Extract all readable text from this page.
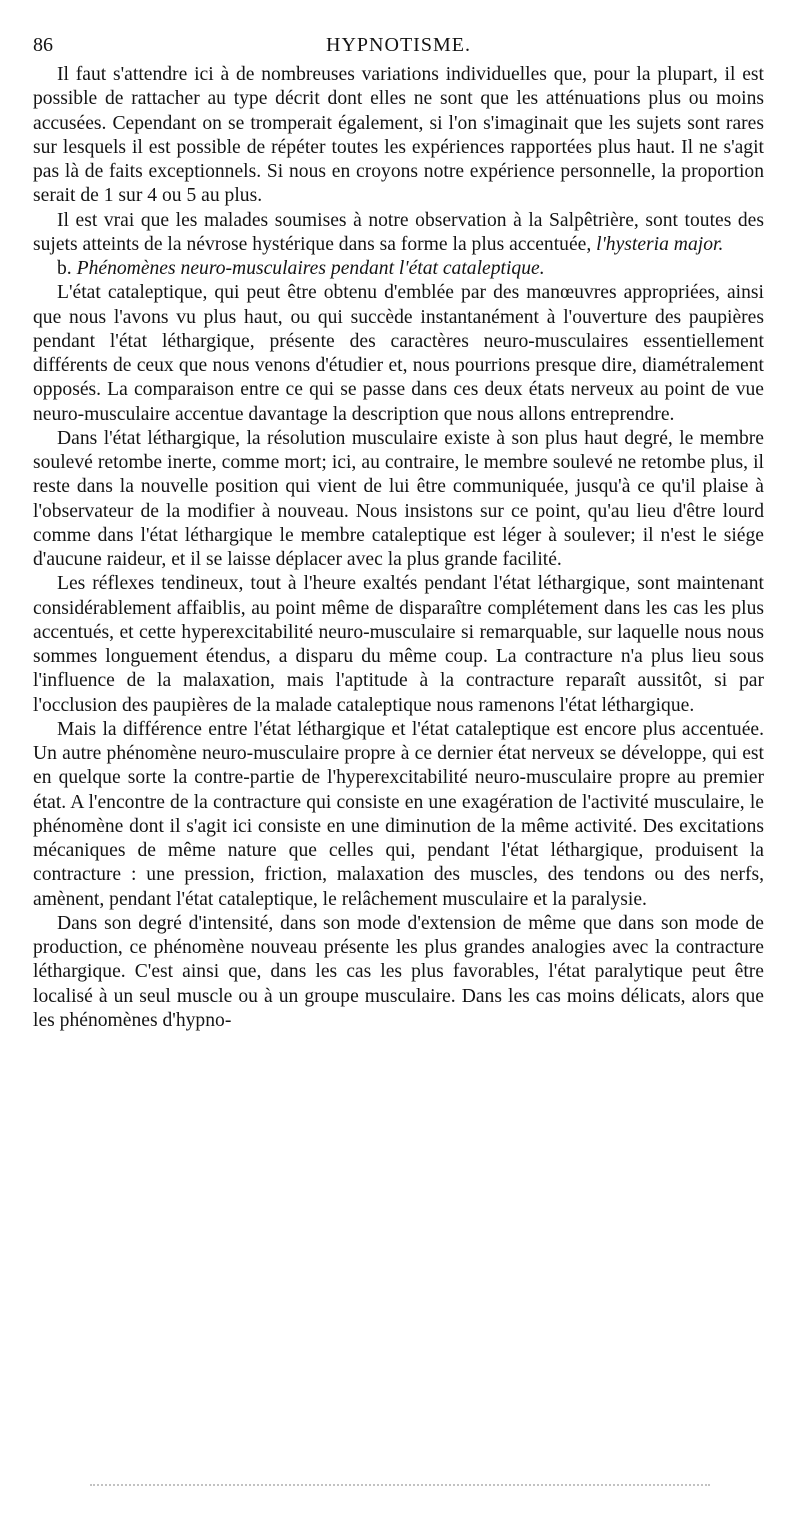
86	HYPNOTISME.

Il faut s'attendre ici à de nombreuses variations individuelles que, pour la plupart, il est possible de rattacher au type décrit dont elles ne sont que les atténuations plus ou moins accusées. Cependant on se tromperait également, si l'on s'imaginait que les sujets sont rares sur lesquels il est possible de répéter toutes les expériences rapportées plus haut. Il ne s'agit pas là de faits exceptionnels. Si nous en croyons notre expérience personnelle, la proportion serait de 1 sur 4 ou 5 au plus.

Il est vrai que les malades soumises à notre observation à la Salpêtrière, sont toutes des sujets atteints de la névrose hystérique dans sa forme la plus accentuée, l'hysteria major.

b. Phénomènes neuro-musculaires pendant l'état cataleptique.

L'état cataleptique, qui peut être obtenu d'emblée par des manœuvres appropriées, ainsi que nous l'avons vu plus haut, ou qui succède instantanément à l'ouverture des paupières pendant l'état léthargique, présente des caractères neuro-musculaires essentiellement différents de ceux que nous venons d'étudier et, nous pourrions presque dire, diamétralement opposés. La comparaison entre ce qui se passe dans ces deux états nerveux au point de vue neuro-musculaire accentue davantage la description que nous allons entreprendre.

Dans l'état léthargique, la résolution musculaire existe à son plus haut degré, le membre soulevé retombe inerte, comme mort; ici, au contraire, le membre soulevé ne retombe plus, il reste dans la nouvelle position qui vient de lui être communiquée, jusqu'à ce qu'il plaise à l'observateur de la modifier à nouveau. Nous insistons sur ce point, qu'au lieu d'être lourd comme dans l'état léthargique le membre cataleptique est léger à soulever; il n'est le siége d'aucune raideur, et il se laisse déplacer avec la plus grande facilité.

Les réflexes tendineux, tout à l'heure exaltés pendant l'état léthargique, sont maintenant considérablement affaiblis, au point même de disparaître complétement dans les cas les plus accentués, et cette hyperexcitabilité neuro-musculaire si remarquable, sur laquelle nous nous sommes longuement étendus, a disparu du même coup. La contracture n'a plus lieu sous l'influence de la malaxation, mais l'aptitude à la contracture reparaît aussitôt, si par l'occlusion des paupières de la malade cataleptique nous ramenons l'état léthargique.

Mais la différence entre l'état léthargique et l'état cataleptique est encore plus accentuée. Un autre phénomène neuro-musculaire propre à ce dernier état nerveux se développe, qui est en quelque sorte la contre-partie de l'hyperexcitabilité neuro-musculaire propre au premier état. A l'encontre de la contracture qui consiste en une exagération de l'activité musculaire, le phénomène dont il s'agit ici consiste en une diminution de la même activité. Des excitations mécaniques de même nature que celles qui, pendant l'état léthargique, produisent la contracture : une pression, friction, malaxation des muscles, des tendons ou des nerfs, amènent, pendant l'état cataleptique, le relâchement musculaire et la paralysie.

Dans son degré d'intensité, dans son mode d'extension de même que dans son mode de production, ce phénomène nouveau présente les plus grandes analogies avec la contracture léthargique. C'est ainsi que, dans les cas les plus favorables, l'état paralytique peut être localisé à un seul muscle ou à un groupe musculaire. Dans les cas moins délicats, alors que les phénomènes d'hypno-
